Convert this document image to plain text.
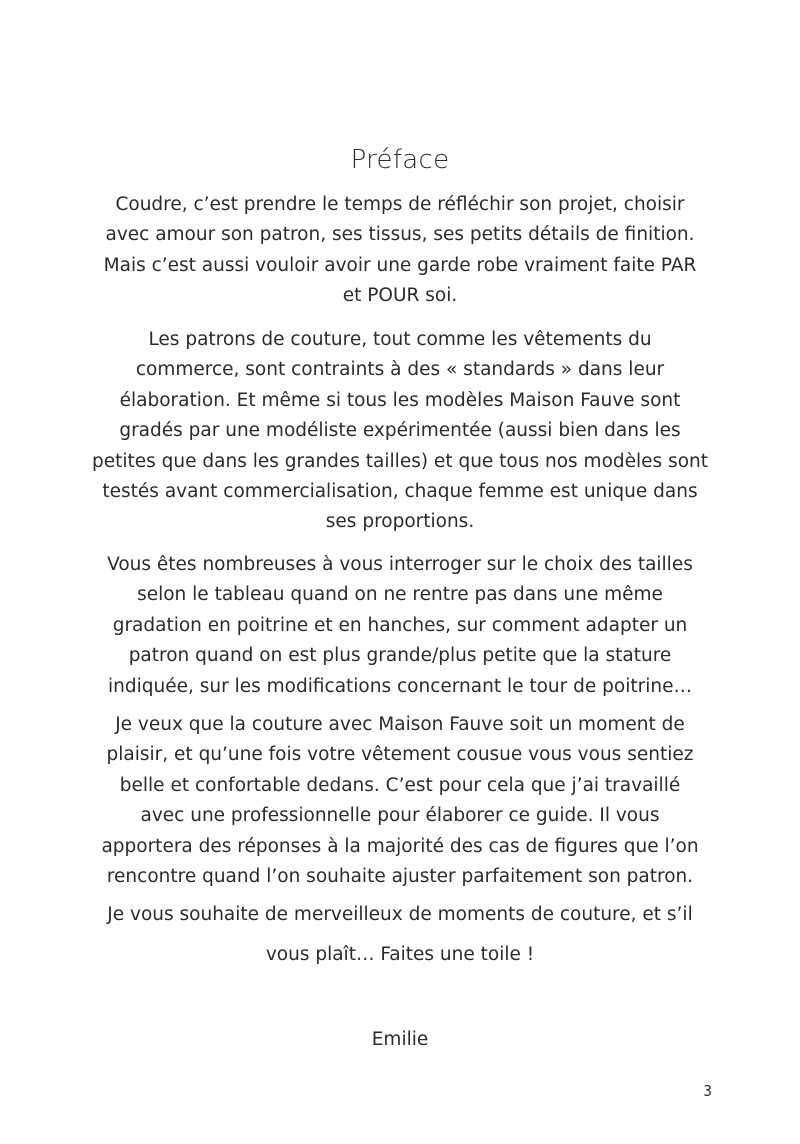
Préface
Coudre, c’est prendre le temps de réfléchir son projet, choisir
avec amour son patron, ses tissus, ses petits détails de finition.
Mais c’est aussi vouloir avoir une garde robe vraiment faite PAR
et POUR soi.
Les patrons de couture, tout comme les vêtements du
commerce, sont contraints à des « standards » dans leur
élaboration. Et même si tous les modèles Maison Fauve sont
gradés par une modéliste expérimentée (aussi bien dans les
petites que dans les grandes tailles) et que tous nos modèles sont
testés avant commercialisation, chaque femme est unique dans
ses proportions.
Vous êtes nombreuses à vous interroger sur le choix des tailles
selon le tableau quand on ne rentre pas dans une même
gradation en poitrine et en hanches, sur comment adapter un
patron quand on est plus grande/plus petite que la stature
indiquée, sur les modifications concernant le tour de poitrine…
Je veux que la couture avec Maison Fauve soit un moment de
plaisir, et qu’une fois votre vêtement cousue vous vous sentiez
belle et confortable dedans. C’est pour cela que j’ai travaillé
avec une professionnelle pour élaborer ce guide. Il vous
apportera des réponses à la majorité des cas de figures que l’on
rencontre quand l’on souhaite ajuster parfaitement son patron.
Je vous souhaite de merveilleux de moments de couture, et s’il
vous plaît… Faites une toile !
Emilie
3
